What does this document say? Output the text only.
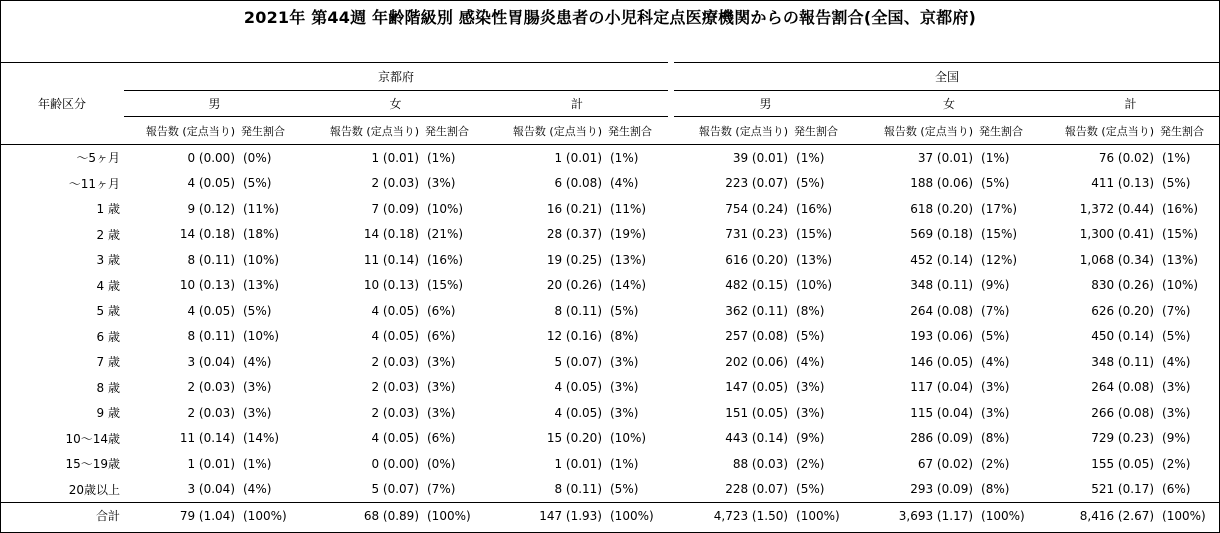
2021年 第44週 年齢階級別 感染性胃腸炎患者の小児科定点医療機関からの報告割合(全国、京都府)
年齢区分	京都府							全国					
	男		女		計			男		女		計	
	報告数 (定点当り)	発生割合	報告数 (定点当り)	発生割合	報告数 (定点当り)	発生割合		報告数 (定点当り)	発生割合	報告数 (定点当り)	発生割合	報告数 (定点当り)	発生割合
～5ヶ月	0 (0.00)	(0%)	1 (0.01)	(1%)	1 (0.01)	(1%)		39 (0.01)	(1%)	37 (0.01)	(1%)	76 (0.02)	(1%)
～11ヶ月	4 (0.05)	(5%)	2 (0.03)	(3%)	6 (0.08)	(4%)		223 (0.07)	(5%)	188 (0.06)	(5%)	411 (0.13)	(5%)
1 歳	9 (0.12)	(11%)	7 (0.09)	(10%)	16 (0.21)	(11%)		754 (0.24)	(16%)	618 (0.20)	(17%)	1,372 (0.44)	(16%)
2 歳	14 (0.18)	(18%)	14 (0.18)	(21%)	28 (0.37)	(19%)		731 (0.23)	(15%)	569 (0.18)	(15%)	1,300 (0.41)	(15%)
3 歳	8 (0.11)	(10%)	11 (0.14)	(16%)	19 (0.25)	(13%)		616 (0.20)	(13%)	452 (0.14)	(12%)	1,068 (0.34)	(13%)
4 歳	10 (0.13)	(13%)	10 (0.13)	(15%)	20 (0.26)	(14%)		482 (0.15)	(10%)	348 (0.11)	(9%)	830 (0.26)	(10%)
5 歳	4 (0.05)	(5%)	4 (0.05)	(6%)	8 (0.11)	(5%)		362 (0.11)	(8%)	264 (0.08)	(7%)	626 (0.20)	(7%)
6 歳	8 (0.11)	(10%)	4 (0.05)	(6%)	12 (0.16)	(8%)		257 (0.08)	(5%)	193 (0.06)	(5%)	450 (0.14)	(5%)
7 歳	3 (0.04)	(4%)	2 (0.03)	(3%)	5 (0.07)	(3%)		202 (0.06)	(4%)	146 (0.05)	(4%)	348 (0.11)	(4%)
8 歳	2 (0.03)	(3%)	2 (0.03)	(3%)	4 (0.05)	(3%)		147 (0.05)	(3%)	117 (0.04)	(3%)	264 (0.08)	(3%)
9 歳	2 (0.03)	(3%)	2 (0.03)	(3%)	4 (0.05)	(3%)		151 (0.05)	(3%)	115 (0.04)	(3%)	266 (0.08)	(3%)
10～14歳	11 (0.14)	(14%)	4 (0.05)	(6%)	15 (0.20)	(10%)		443 (0.14)	(9%)	286 (0.09)	(8%)	729 (0.23)	(9%)
15～19歳	1 (0.01)	(1%)	0 (0.00)	(0%)	1 (0.01)	(1%)		88 (0.03)	(2%)	67 (0.02)	(2%)	155 (0.05)	(2%)
20歳以上	3 (0.04)	(4%)	5 (0.07)	(7%)	8 (0.11)	(5%)		228 (0.07)	(5%)	293 (0.09)	(8%)	521 (0.17)	(6%)
合計	79 (1.04)	(100%)	68 (0.89)	(100%)	147 (1.93)	(100%)		4,723 (1.50)	(100%)	3,693 (1.17)	(100%)	8,416 (2.67)	(100%)
